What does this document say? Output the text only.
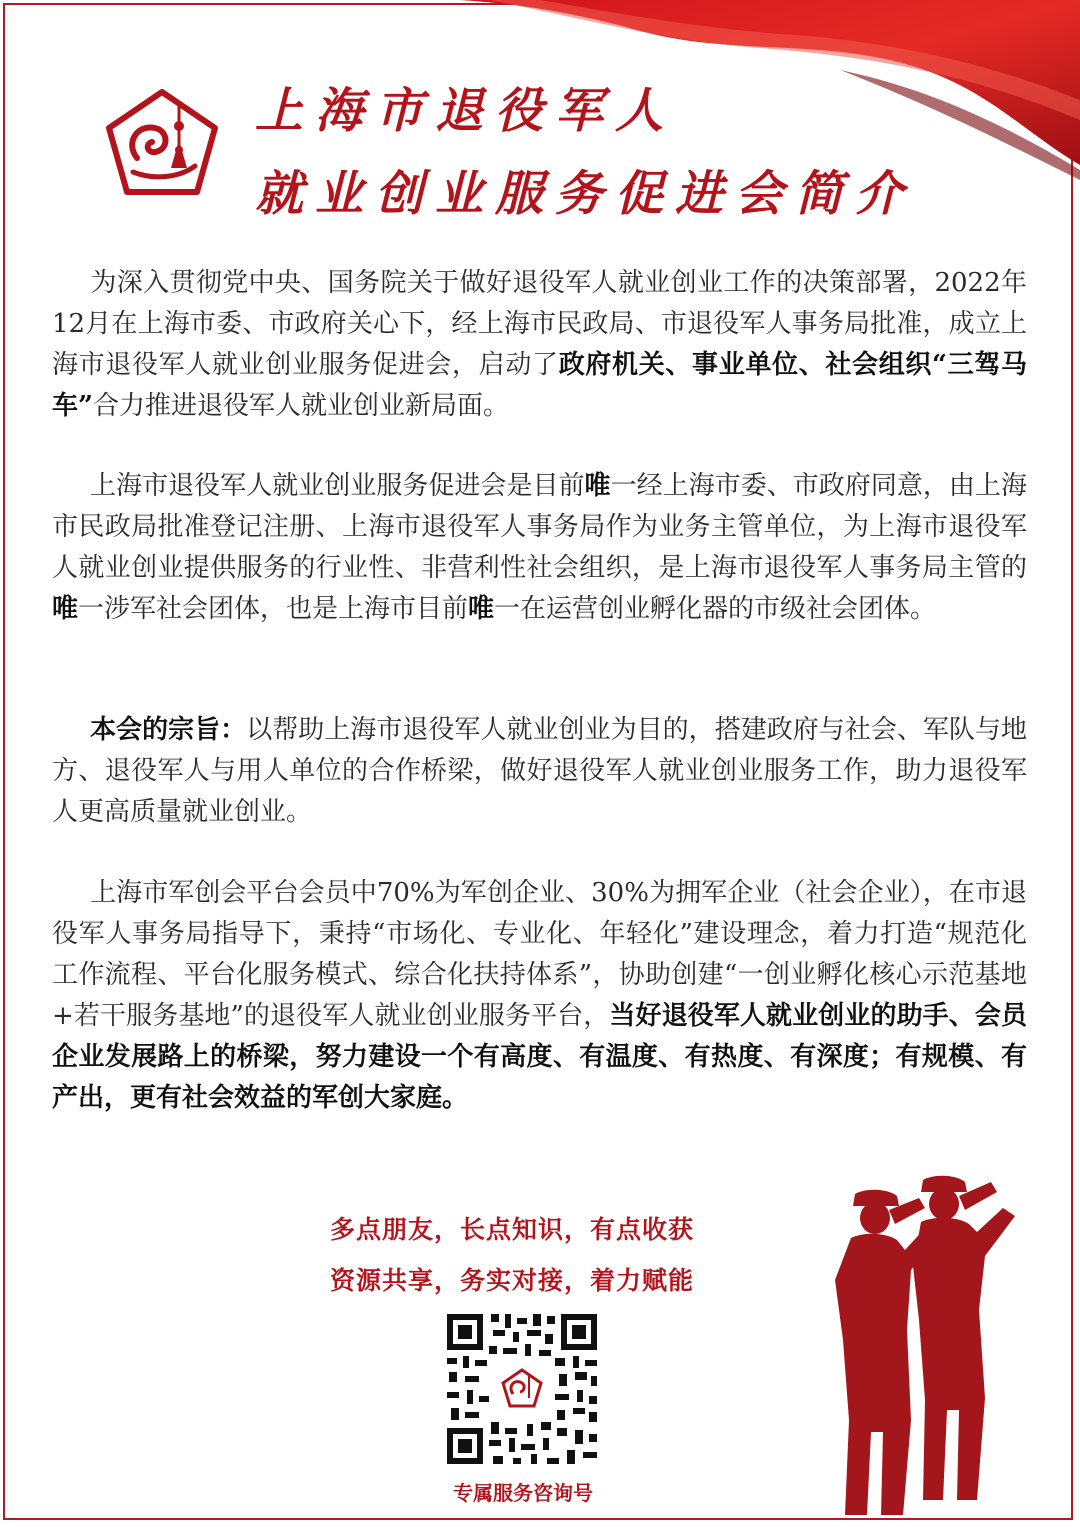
上海市退役军人
就业创业服务促进会简介
为深入贯彻党中央、国务院关于做好退役军人就业创业工作的决策部署，2022年12月在上海市委、市政府关心下，经上海市民政局、市退役军人事务局批准，成立上海市退役军人就业创业服务促进会，启动了政府机关、事业单位、社会组织“三驾马车”合力推进退役军人就业创业新局面。
上海市退役军人就业创业服务促进会是目前唯一经上海市委、市政府同意，由上海市民政局批准登记注册、上海市退役军人事务局作为业务主管单位，为上海市退役军人就业创业提供服务的行业性、非营利性社会组织，是上海市退役军人事务局主管的唯一涉军社会团体，也是上海市目前唯一在运营创业孵化器的市级社会团体。
本会的宗旨：以帮助上海市退役军人就业创业为目的，搭建政府与社会、军队与地方、退役军人与用人单位的合作桥梁，做好退役军人就业创业服务工作，助力退役军人更高质量就业创业。
上海市军创会平台会员中70%为军创企业、30%为拥军企业（社会企业），在市退役军人事务局指导下，秉持“市场化、专业化、年轻化”建设理念，着力打造“规范化工作流程、平台化服务模式、综合化扶持体系”，协助创建“一创业孵化核心示范基地+若干服务基地”的退役军人就业创业服务平台，当好退役军人就业创业的助手、会员企业发展路上的桥梁，努力建设一个有高度、有温度、有热度、有深度；有规模、有产出，更有社会效益的军创大家庭。
多点朋友，长点知识，有点收获
资源共享，务实对接，着力赋能
专属服务咨询号
